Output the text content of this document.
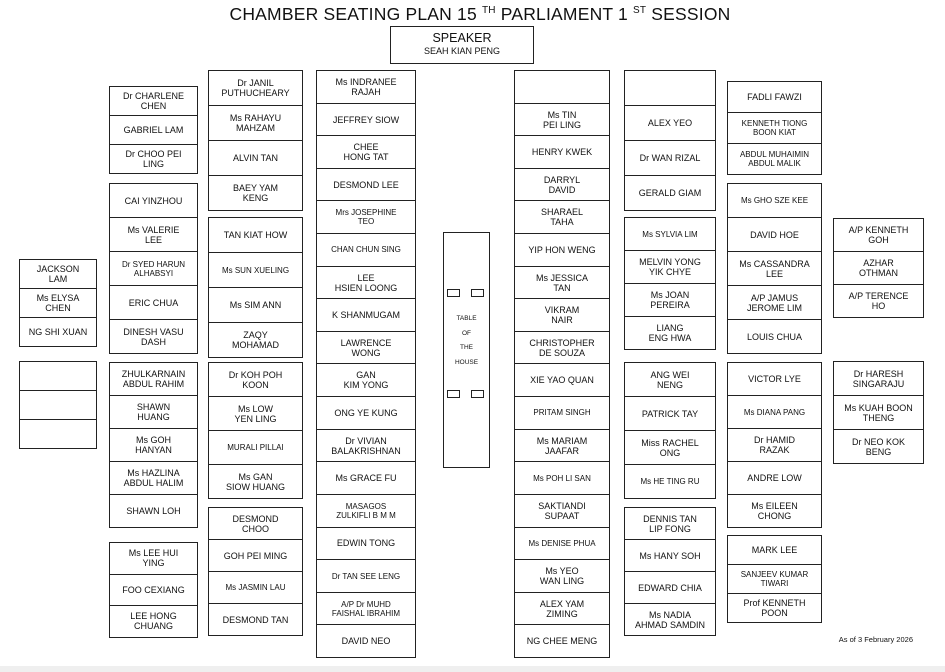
CHAMBER SEATING PLAN 15 $^{TH}$ PARLIAMENT 1 $^{ST}$ SESSION
SPEAKER
SEAH KIAN PENG
TABLE
OF
THE
HOUSE
As of 3 February 2026
JACKSON
LAM
Ms ELYSA
CHEN
NG SHI XUAN
Dr CHARLENE
CHEN
GABRIEL LAM
Dr CHOO PEI
LING
CAI YINZHOU
Ms VALERIE
LEE
Dr SYED HARUN
ALHABSYI
ERIC CHUA
DINESH VASU
DASH
ZHULKARNAIN
ABDUL RAHIM
SHAWN
HUANG
Ms GOH
HANYAN
Ms HAZLINA
ABDUL HALIM
SHAWN LOH
Ms LEE HUI
YING
FOO CEXIANG
LEE HONG
CHUANG
Dr JANIL
PUTHUCHEARY
Ms RAHAYU
MAHZAM
ALVIN TAN
BAEY YAM
KENG
TAN KIAT HOW
Ms SUN XUELING
Ms SIM ANN
ZAQY
MOHAMAD
Dr KOH POH
KOON
Ms LOW
YEN LING
MURALI PILLAI
Ms GAN
SIOW HUANG
DESMOND
CHOO
GOH PEI MING
Ms JASMIN LAU
DESMOND TAN
Ms INDRANEE
RAJAH
JEFFREY SIOW
CHEE
HONG TAT
DESMOND LEE
Mrs JOSEPHINE
TEO
CHAN CHUN SING
LEE
HSIEN LOONG
K SHANMUGAM
LAWRENCE
WONG
GAN
KIM YONG
ONG YE KUNG
Dr VIVIAN
BALAKRISHNAN
Ms GRACE FU
MASAGOS
ZULKIFLI B M M
EDWIN TONG
Dr TAN SEE LENG
A/P Dr MUHD
FAISHAL IBRAHIM
DAVID NEO
Ms TIN
PEI LING
HENRY KWEK
DARRYL
DAVID
SHARAEL
TAHA
YIP HON WENG
Ms JESSICA
TAN
VIKRAM
NAIR
CHRISTOPHER
DE SOUZA
XIE YAO QUAN
PRITAM SINGH
Ms MARIAM
JAAFAR
Ms POH LI SAN
SAKTIANDI
SUPAAT
Ms DENISE PHUA
Ms YEO
WAN LING
ALEX YAM
ZIMING
NG CHEE MENG
ALEX YEO
Dr WAN RIZAL
GERALD GIAM
Ms SYLVIA LIM
MELVIN YONG
YIK CHYE
Ms JOAN
PEREIRA
LIANG
ENG HWA
ANG WEI
NENG
PATRICK TAY
Miss RACHEL
ONG
Ms HE TING RU
DENNIS TAN
LIP FONG
Ms HANY SOH
EDWARD CHIA
Ms NADIA
AHMAD SAMDIN
FADLI FAWZI
KENNETH TIONG
BOON KIAT
ABDUL MUHAIMIN
ABDUL MALIK
Ms GHO SZE KEE
DAVID HOE
Ms CASSANDRA
LEE
A/P JAMUS
JEROME LIM
LOUIS CHUA
VICTOR LYE
Ms DIANA PANG
Dr HAMID
RAZAK
ANDRE LOW
Ms EILEEN
CHONG
MARK LEE
SANJEEV KUMAR
TIWARI
Prof KENNETH
POON
A/P KENNETH
GOH
AZHAR
OTHMAN
A/P TERENCE
HO
Dr HARESH
SINGARAJU
Ms KUAH BOON
THENG
Dr NEO KOK
BENG
